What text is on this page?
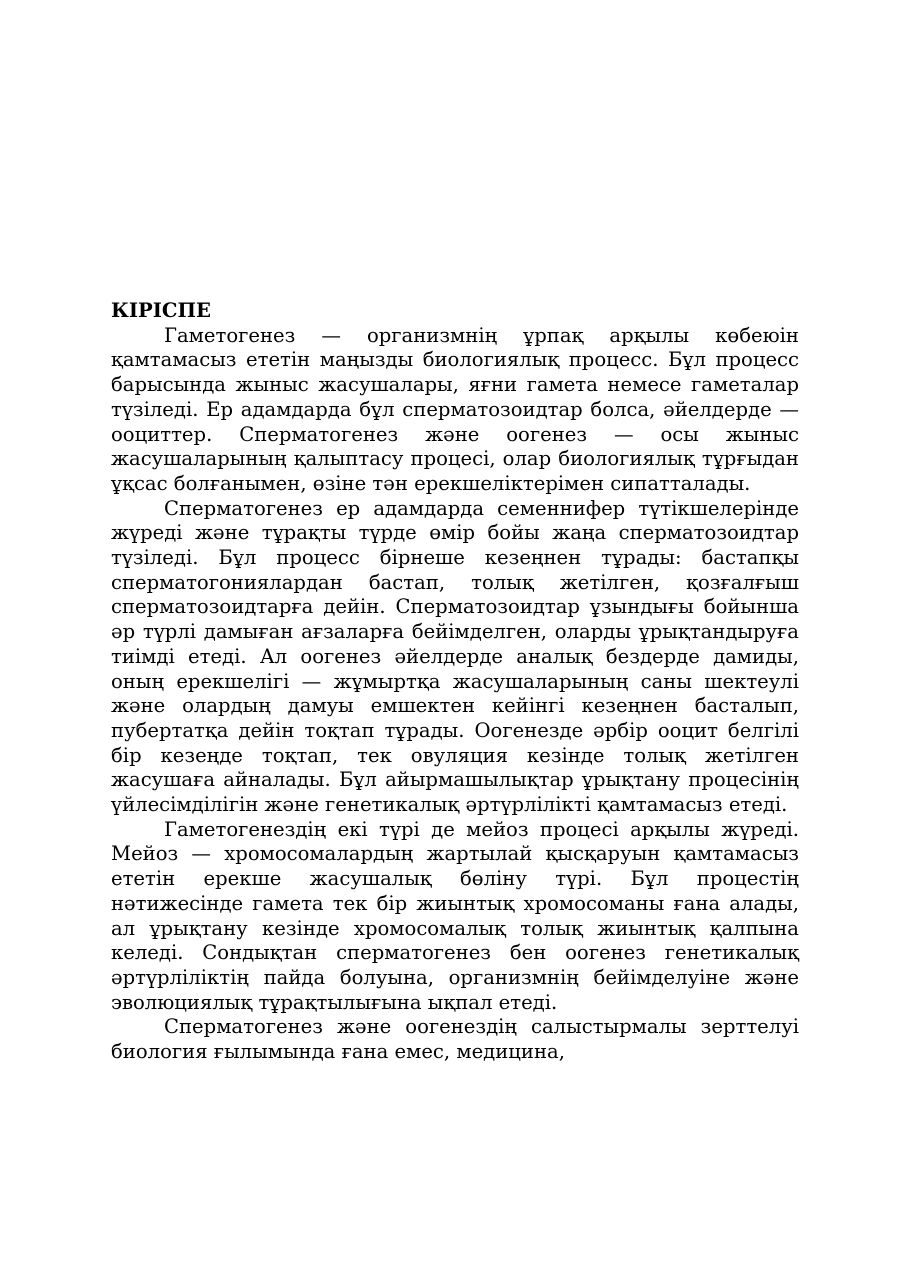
КІРІСПЕ

Гаметогенез — организмнің ұрпақ арқылы көбеюін қамтамасыз ететін маңызды биологиялық процесс. Бұл процесс барысында жыныс жасушалары, яғни гамета немесе гаметалар түзіледі. Ер адамдарда бұл сперматозоидтар болса, әйелдерде — ооциттер. Сперматогенез және оогенез — осы жыныс жасушаларының қалыптасу процесі, олар биологиялық тұрғыдан ұқсас болғанымен, өзіне тән ерекшеліктерімен сипатталады.

Сперматогенез ер адамдарда семеннифер түтікшелерінде жүреді және тұрақты түрде өмір бойы жаңа сперматозоидтар түзіледі. Бұл процесс бірнеше кезеңнен тұрады: бастапқы сперматогониялардан бастап, толық жетілген, қозғалғыш сперматозоидтарға дейін. Сперматозоидтар ұзындығы бойынша әр түрлі дамыған ағзаларға бейімделген, оларды ұрықтандыруға тиімді етеді. Ал оогенез әйелдерде аналық бездерде дамиды, оның ерекшелігі — жұмыртқа жасушаларының саны шектеулі және олардың дамуы емшектен кейінгі кезеңнен басталып, пубертатқа дейін тоқтап тұрады. Оогенезде әрбір ооцит белгілі бір кезеңде тоқтап, тек овуляция кезінде толық жетілген жасушаға айналады. Бұл айырмашылықтар ұрықтану процесінің үйлесімділігін және генетикалық әртүрлілікті қамтамасыз етеді.

Гаметогенездің екі түрі де мейоз процесі арқылы жүреді. Мейоз — хромосомалардың жартылай қысқаруын қамтамасыз ететін ерекше жасушалық бөліну түрі. Бұл процестің нәтижесінде гамета тек бір жиынтық хромосоманы ғана алады, ал ұрықтану кезінде хромосомалық толық жиынтық қалпына келеді. Сондықтан сперматогенез бен оогенез генетикалық әртүрліліктің пайда болуына, организмнің бейімделуіне және эволюциялық тұрақтылығына ықпал етеді.

Сперматогенез және оогенездің салыстырмалы зерттелуі биология ғылымында ғана емес, медицина,
